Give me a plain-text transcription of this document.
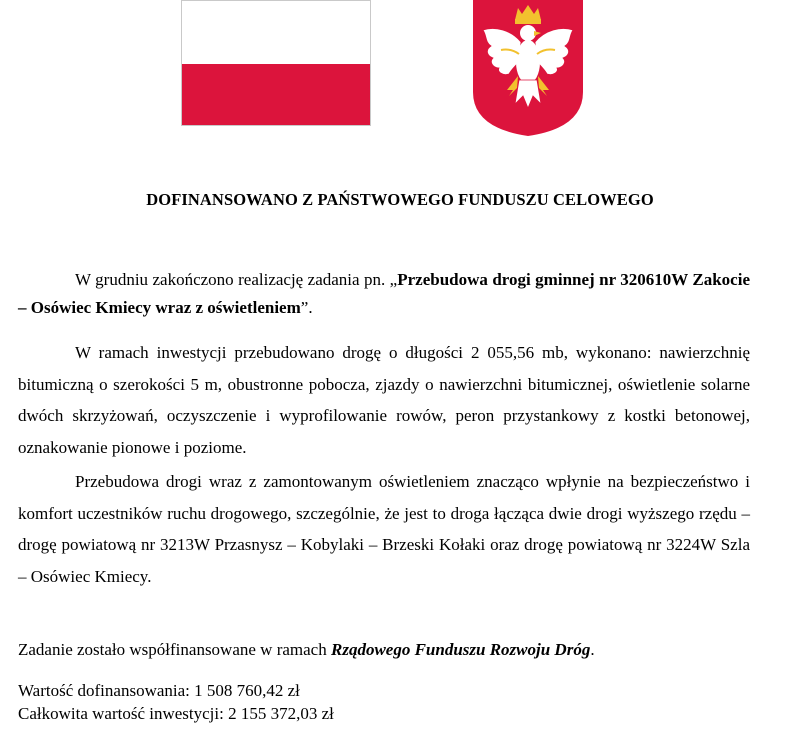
DOFINANSOWANO Z PAŃSTWOWEGO FUNDUSZU CELOWEGO

W grudniu zakończono realizację zadania pn. „Przebudowa drogi gminnej nr 320610W Zakocie – Osówiec Kmiecy wraz z oświetleniem”.

W ramach inwestycji przebudowano drogę o długości 2 055,56 mb, wykonano: nawierzchnię bitumiczną o szerokości 5 m, obustronne pobocza, zjazdy o nawierzchni bitumicznej, oświetlenie solarne dwóch skrzyżowań, oczyszczenie i wyprofilowanie rowów, peron przystankowy z kostki betonowej, oznakowanie pionowe i poziome.

Przebudowa drogi wraz z zamontowanym oświetleniem znacząco wpłynie na bezpieczeństwo i komfort uczestników ruchu drogowego, szczególnie, że jest to droga łącząca dwie drogi wyższego rzędu – drogę powiatową nr 3213W Przasnysz – Kobylaki – Brzeski Kołaki oraz drogę powiatową nr 3224W Szla – Osówiec Kmiecy.

Zadanie zostało współfinansowane w ramach Rządowego Funduszu Rozwoju Dróg.

Wartość dofinansowania: 1 508 760,42 zł
Całkowita wartość inwestycji: 2 155 372,03 zł
